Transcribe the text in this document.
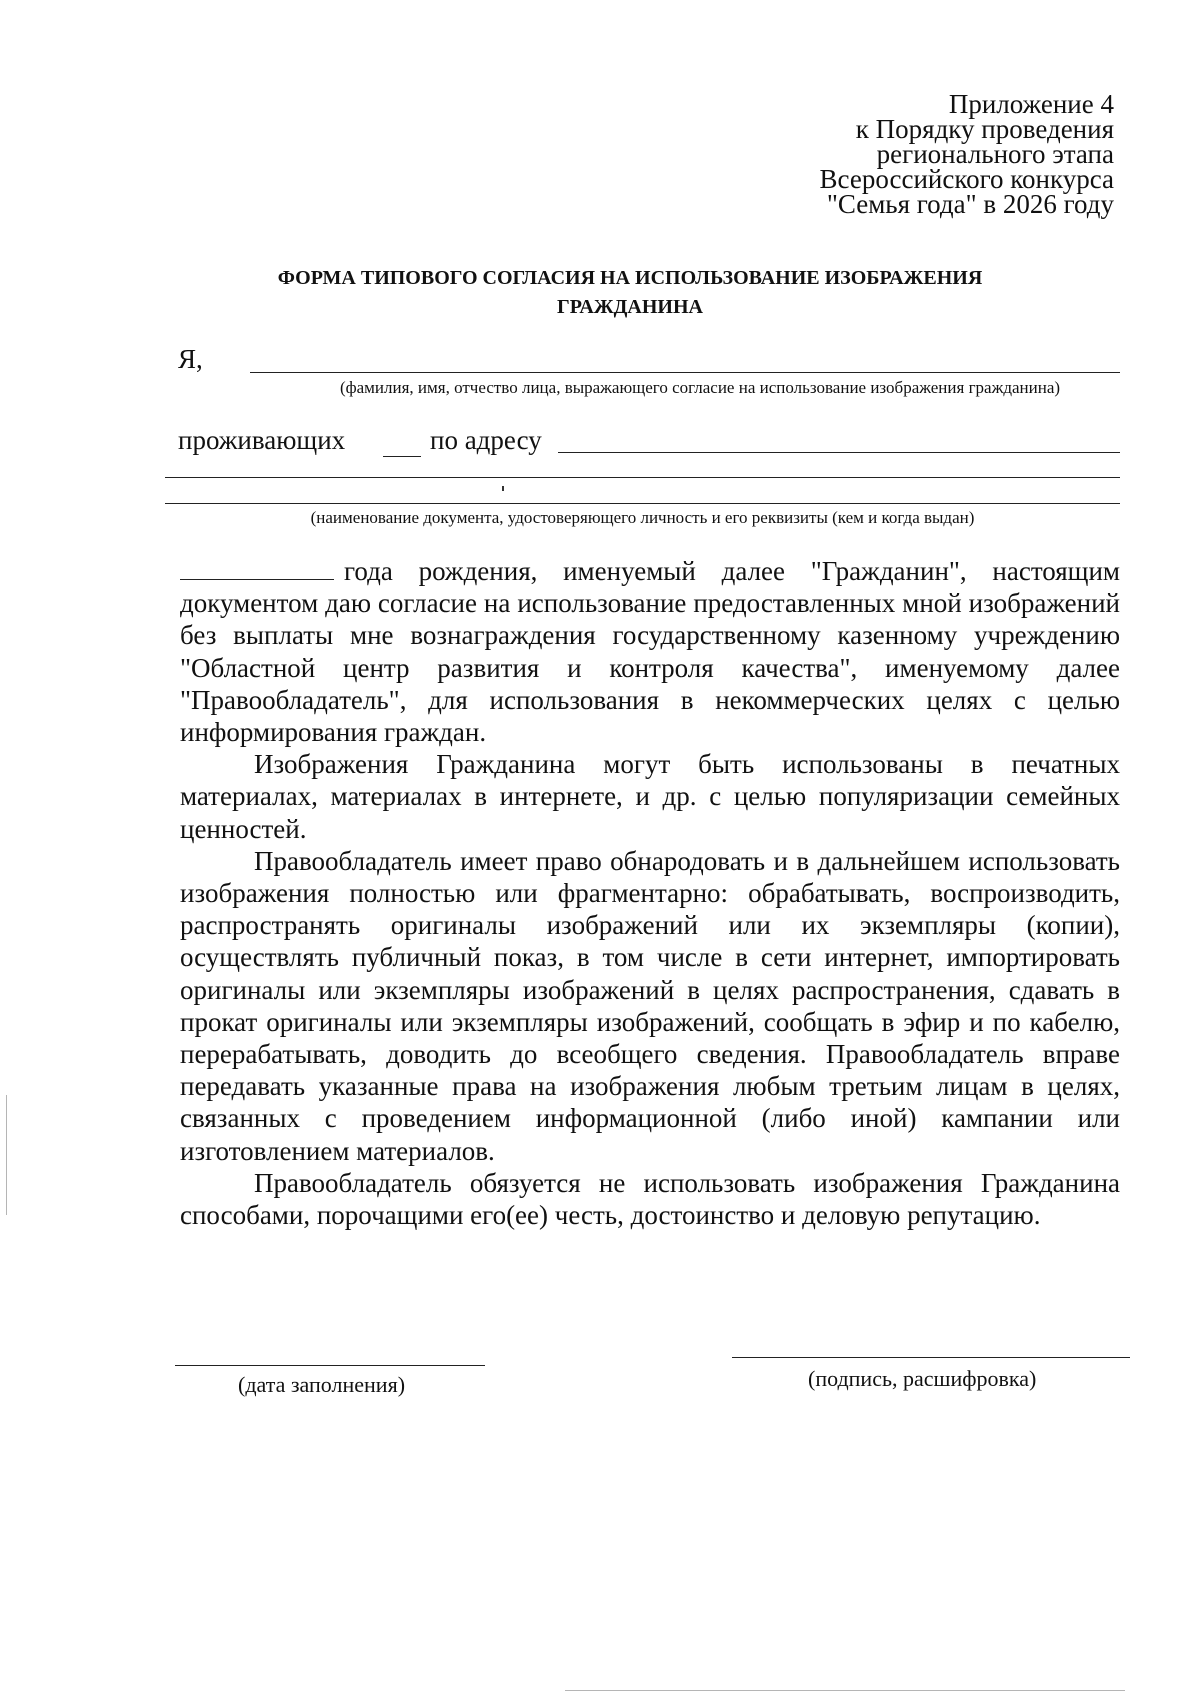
Приложение 4
к Порядку проведения
регионального этапа
Всероссийского конкурса
"Семья года" в 2026 году
ФОРМА ТИПОВОГО СОГЛАСИЯ НА ИСПОЛЬЗОВАНИЕ ИЗОБРАЖЕНИЯ
ГРАЖДАНИНА
Я,
(фамилия, имя, отчество лица, выражающего согласие на использование изображения гражданина)
проживающих	по адресу
(наименование документа, удостоверяющего личность и его реквизиты (кем и когда выдан)

года рождения, именуемый далее "Гражданин", настоящим документом даю согласие на использование предоставленных мной изображений без выплаты мне вознаграждения государственному казенному учреждению "Областной центр развития и контроля качества", именуемому далее "Правообладатель", для использования в некоммерческих целях с целью информирования граждан.

Изображения Гражданина могут быть использованы в печатных материалах, материалах в интернете, и др. с целью популяризации семейных ценностей.

Правообладатель имеет право обнародовать и в дальнейшем использовать изображения полностью или фрагментарно: обрабатывать, воспроизводить, распространять оригиналы изображений или их экземпляры (копии), осуществлять публичный показ, в том числе в сети интернет, импортировать оригиналы или экземпляры изображений в целях распространения, сдавать в прокат оригиналы или экземпляры изображений, сообщать в эфир и по кабелю, перерабатывать, доводить до всеобщего сведения. Правообладатель вправе передавать указанные права на изображения любым третьим лицам в целях, связанных с проведением информационной (либо иной) кампании или изготовлением материалов.

Правообладатель обязуется не использовать изображения Гражданина способами, порочащими его(ее) честь, достоинство и деловую репутацию.

(дата заполнения)	(подпись, расшифровка)
